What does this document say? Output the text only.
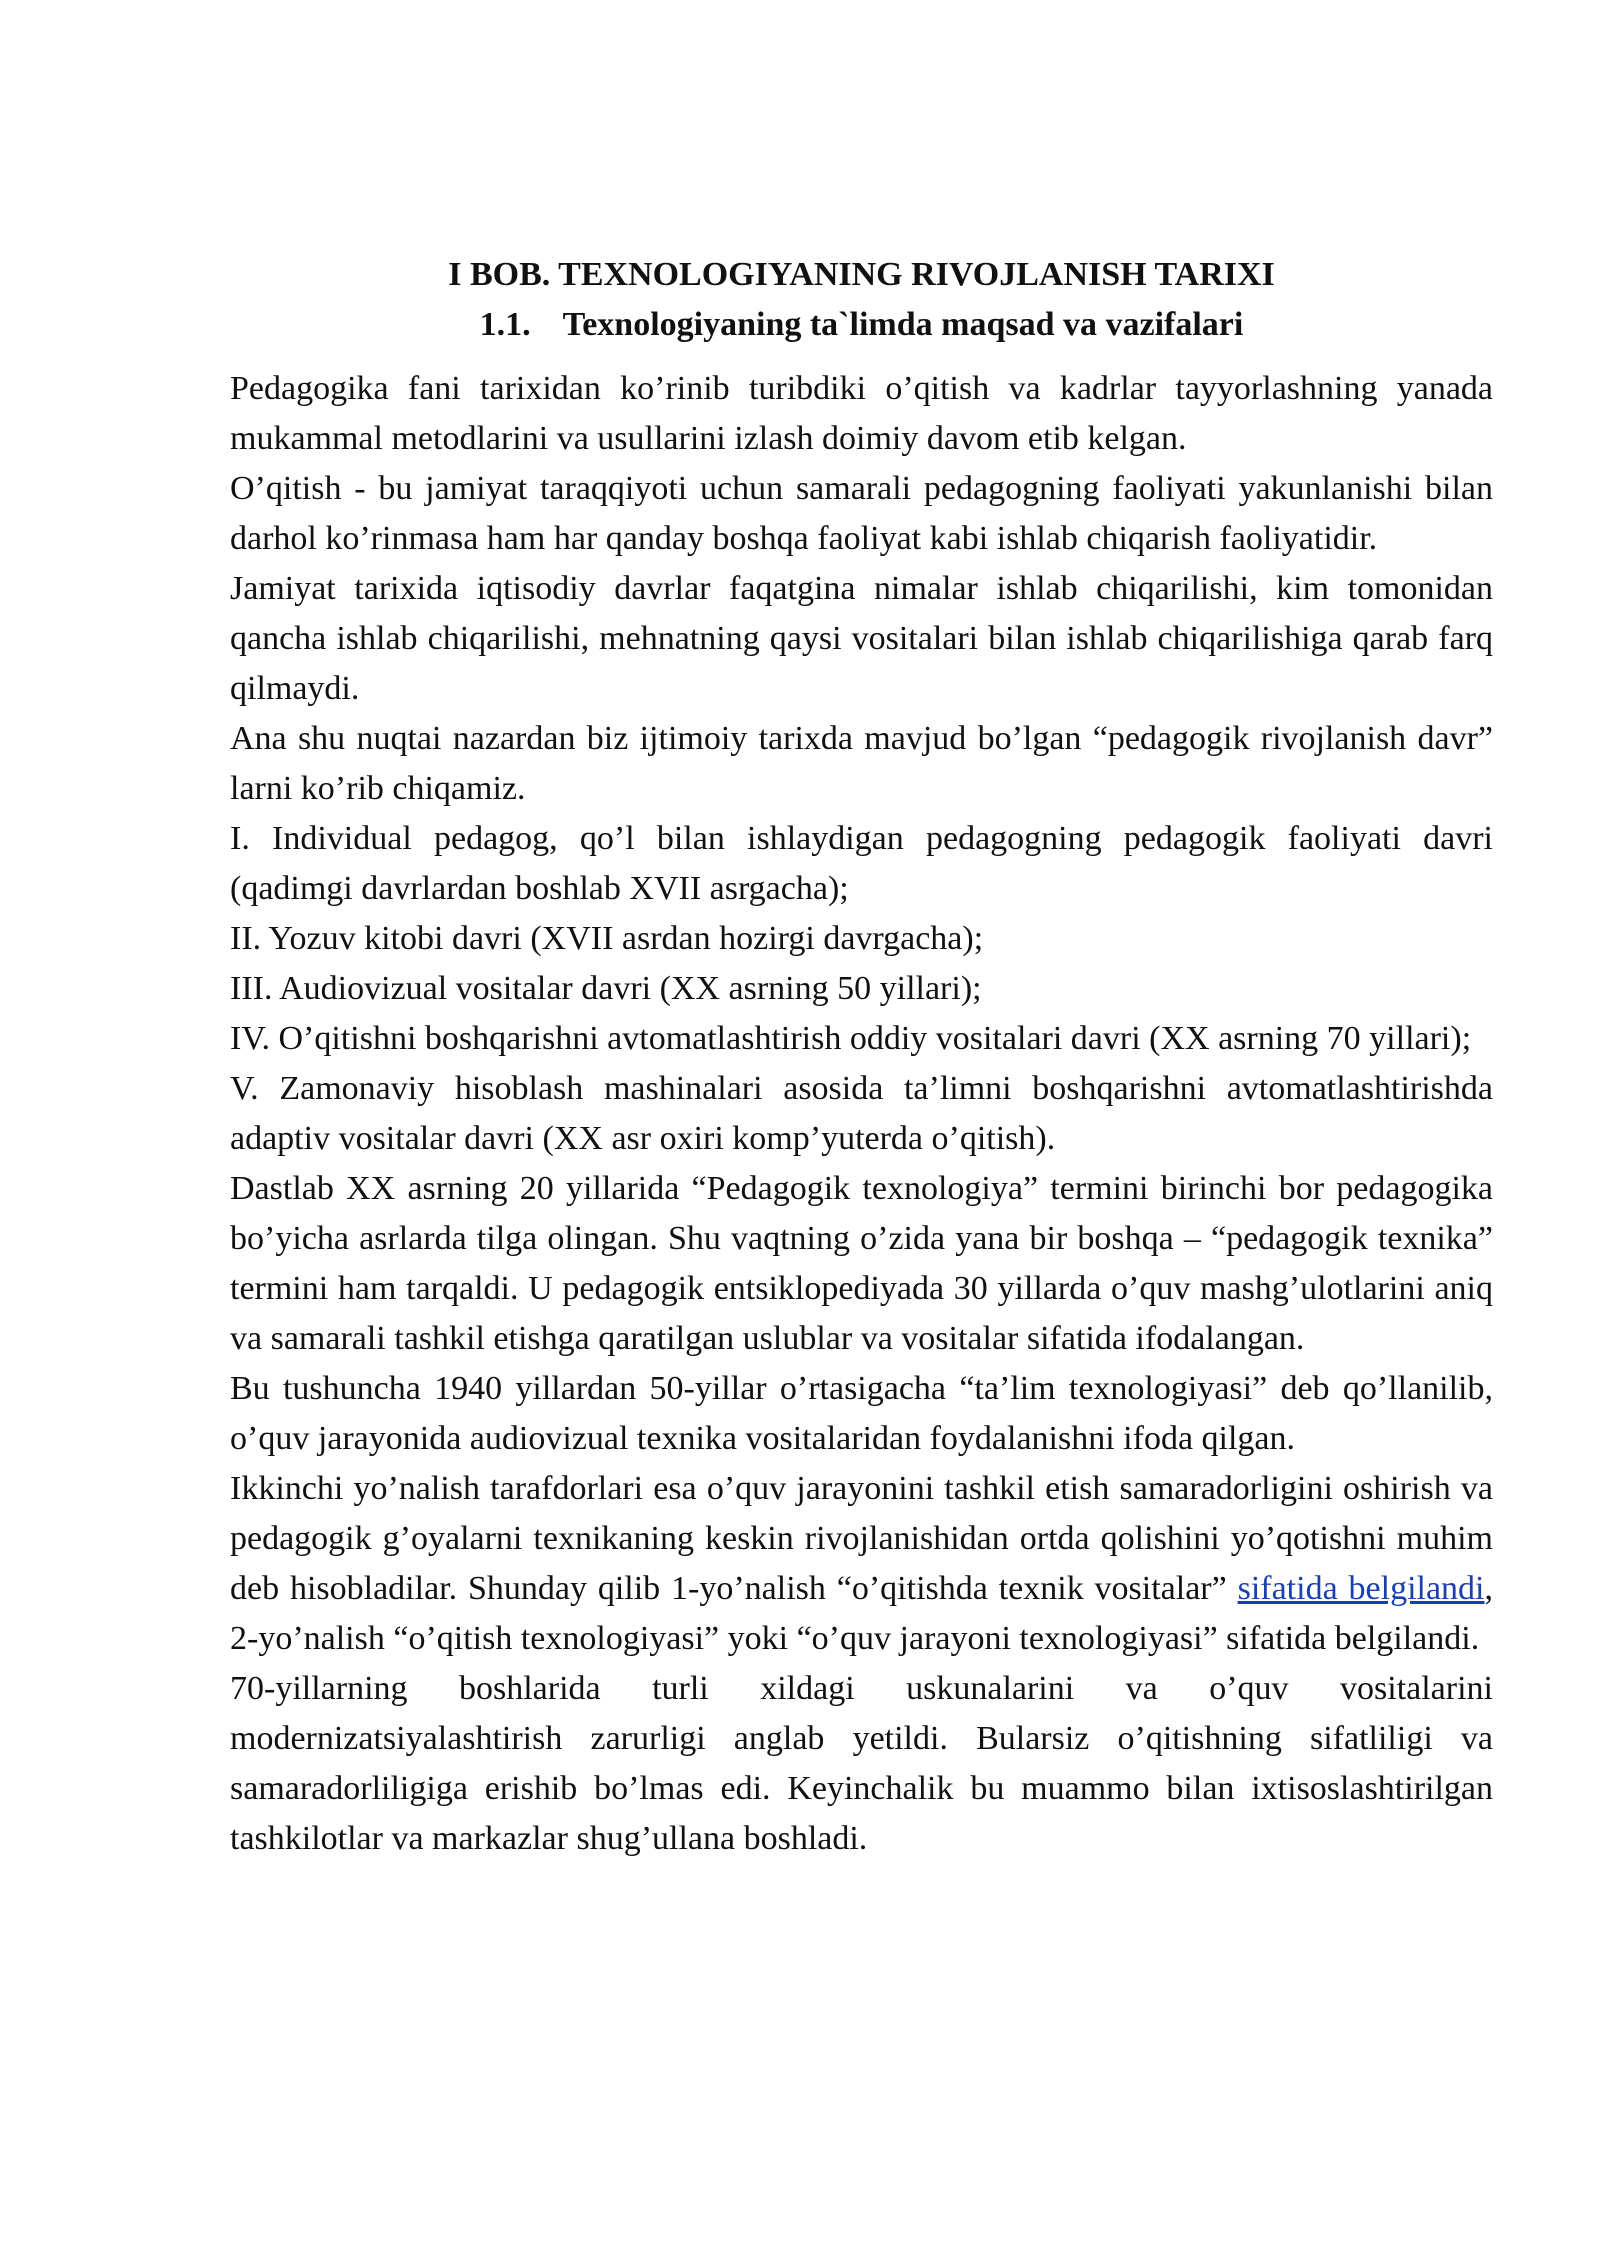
I BOB. TEXNOLOGIYANING RIVOJLANISH TARIXI
1.1. Texnologiyaning ta`limda maqsad va vazifalari

Pedagogika fani tarixidan ko’rinib turibdiki o’qitish va kadrlar tayyorlashning yanada mukammal metodlarini va usullarini izlash doimiy davom etib kelgan.

O’qitish - bu jamiyat taraqqiyoti uchun samarali pedagogning faoliyati yakunlanishi bilan darhol ko’rinmasa ham har qanday boshqa faoliyat kabi ishlab chiqarish faoliyatidir.

Jamiyat tarixida iqtisodiy davrlar faqatgina nimalar ishlab chiqarilishi, kim tomonidan qancha ishlab chiqarilishi, mehnatning qaysi vositalari bilan ishlab chiqarilishiga qarab farq qilmaydi.

Ana shu nuqtai nazardan biz ijtimoiy tarixda mavjud bo’lgan “pedagogik rivojlanish davr” larni ko’rib chiqamiz.

I. Individual pedagog, qo’l bilan ishlaydigan pedagogning pedagogik faoliyati davri (qadimgi davrlardan boshlab XVII asrgacha);

II. Yozuv kitobi davri (XVII asrdan hozirgi davrgacha);

III. Audiovizual vositalar davri (XX asrning 50 yillari);

IV. O’qitishni boshqarishni avtomatlashtirish oddiy vositalari davri (XX asrning 70 yillari);

V. Zamonaviy hisoblash mashinalari asosida ta’limni boshqarishni avtomatlashtirishda adaptiv vositalar davri (XX asr oxiri komp’yuterda o’qitish).

Dastlab XX asrning 20 yillarida “Pedagogik texnologiya” termini birinchi bor pedagogika bo’yicha asrlarda tilga olingan. Shu vaqtning o’zida yana bir boshqa – “pedagogik texnika” termini ham tarqaldi. U pedagogik entsiklopediyada 30 yillarda o’quv mashg’ulotlarini aniq va samarali tashkil etishga qaratilgan uslublar va vositalar sifatida ifodalangan.

Bu tushuncha 1940 yillardan 50-yillar o’rtasigacha “ta’lim texnologiyasi” deb qo’llanilib, o’quv jarayonida audiovizual texnika vositalaridan foydalanishni ifoda qilgan.

Ikkinchi yo’nalish tarafdorlari esa o’quv jarayonini tashkil etish samaradorligini oshirish va pedagogik g’oyalarni texnikaning keskin rivojlanishidan ortda qolishini yo’qotishni muhim deb hisobladilar. Shunday qilib 1-yo’nalish “o’qitishda texnik vositalar” sifatida belgilandi, 2-yo’nalish “o’qitish texnologiyasi” yoki “o’quv jarayoni texnologiyasi” sifatida belgilandi.

70-yillarning boshlarida turli xildagi uskunalarini va o’quv vositalarini modernizatsiyalashtirish zarurligi anglab yetildi. Bularsiz o’qitishning sifatliligi va samaradorliligiga erishib bo’lmas edi. Keyinchalik bu muammo bilan ixtisoslashtirilgan tashkilotlar va markazlar shug’ullana boshladi.
